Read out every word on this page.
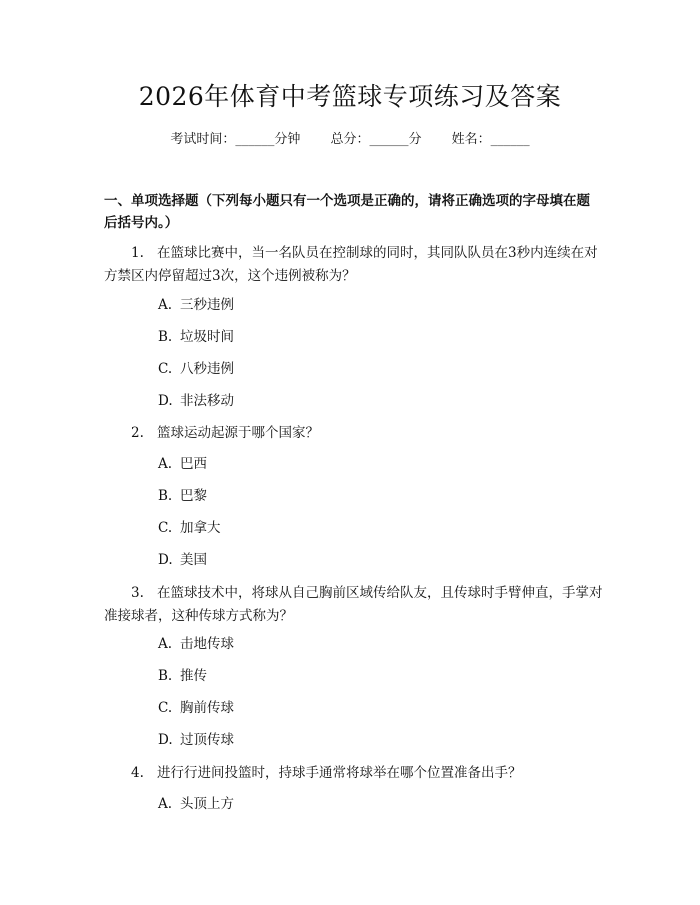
2026年体育中考篮球专项练习及答案
考试时间：______分钟 总分：______分 姓名：______
一、单项选择题（下列每小题只有一个选项是正确的，请将正确选项的字母填在题后括号内。）
1. 在篮球比赛中，当一名队员在控制球的同时，其同队队员在3秒内连续在对方禁区内停留超过3次，这个违例被称为？
A. 三秒违例
B. 垃圾时间
C. 八秒违例
D. 非法移动
2. 篮球运动起源于哪个国家？
A. 巴西
B. 巴黎
C. 加拿大
D. 美国
3. 在篮球技术中，将球从自己胸前区域传给队友，且传球时手臂伸直，手掌对准接球者，这种传球方式称为？
A. 击地传球
B. 推传
C. 胸前传球
D. 过顶传球
4. 进行行进间投篮时，持球手通常将球举在哪个位置准备出手？
A. 头顶上方
